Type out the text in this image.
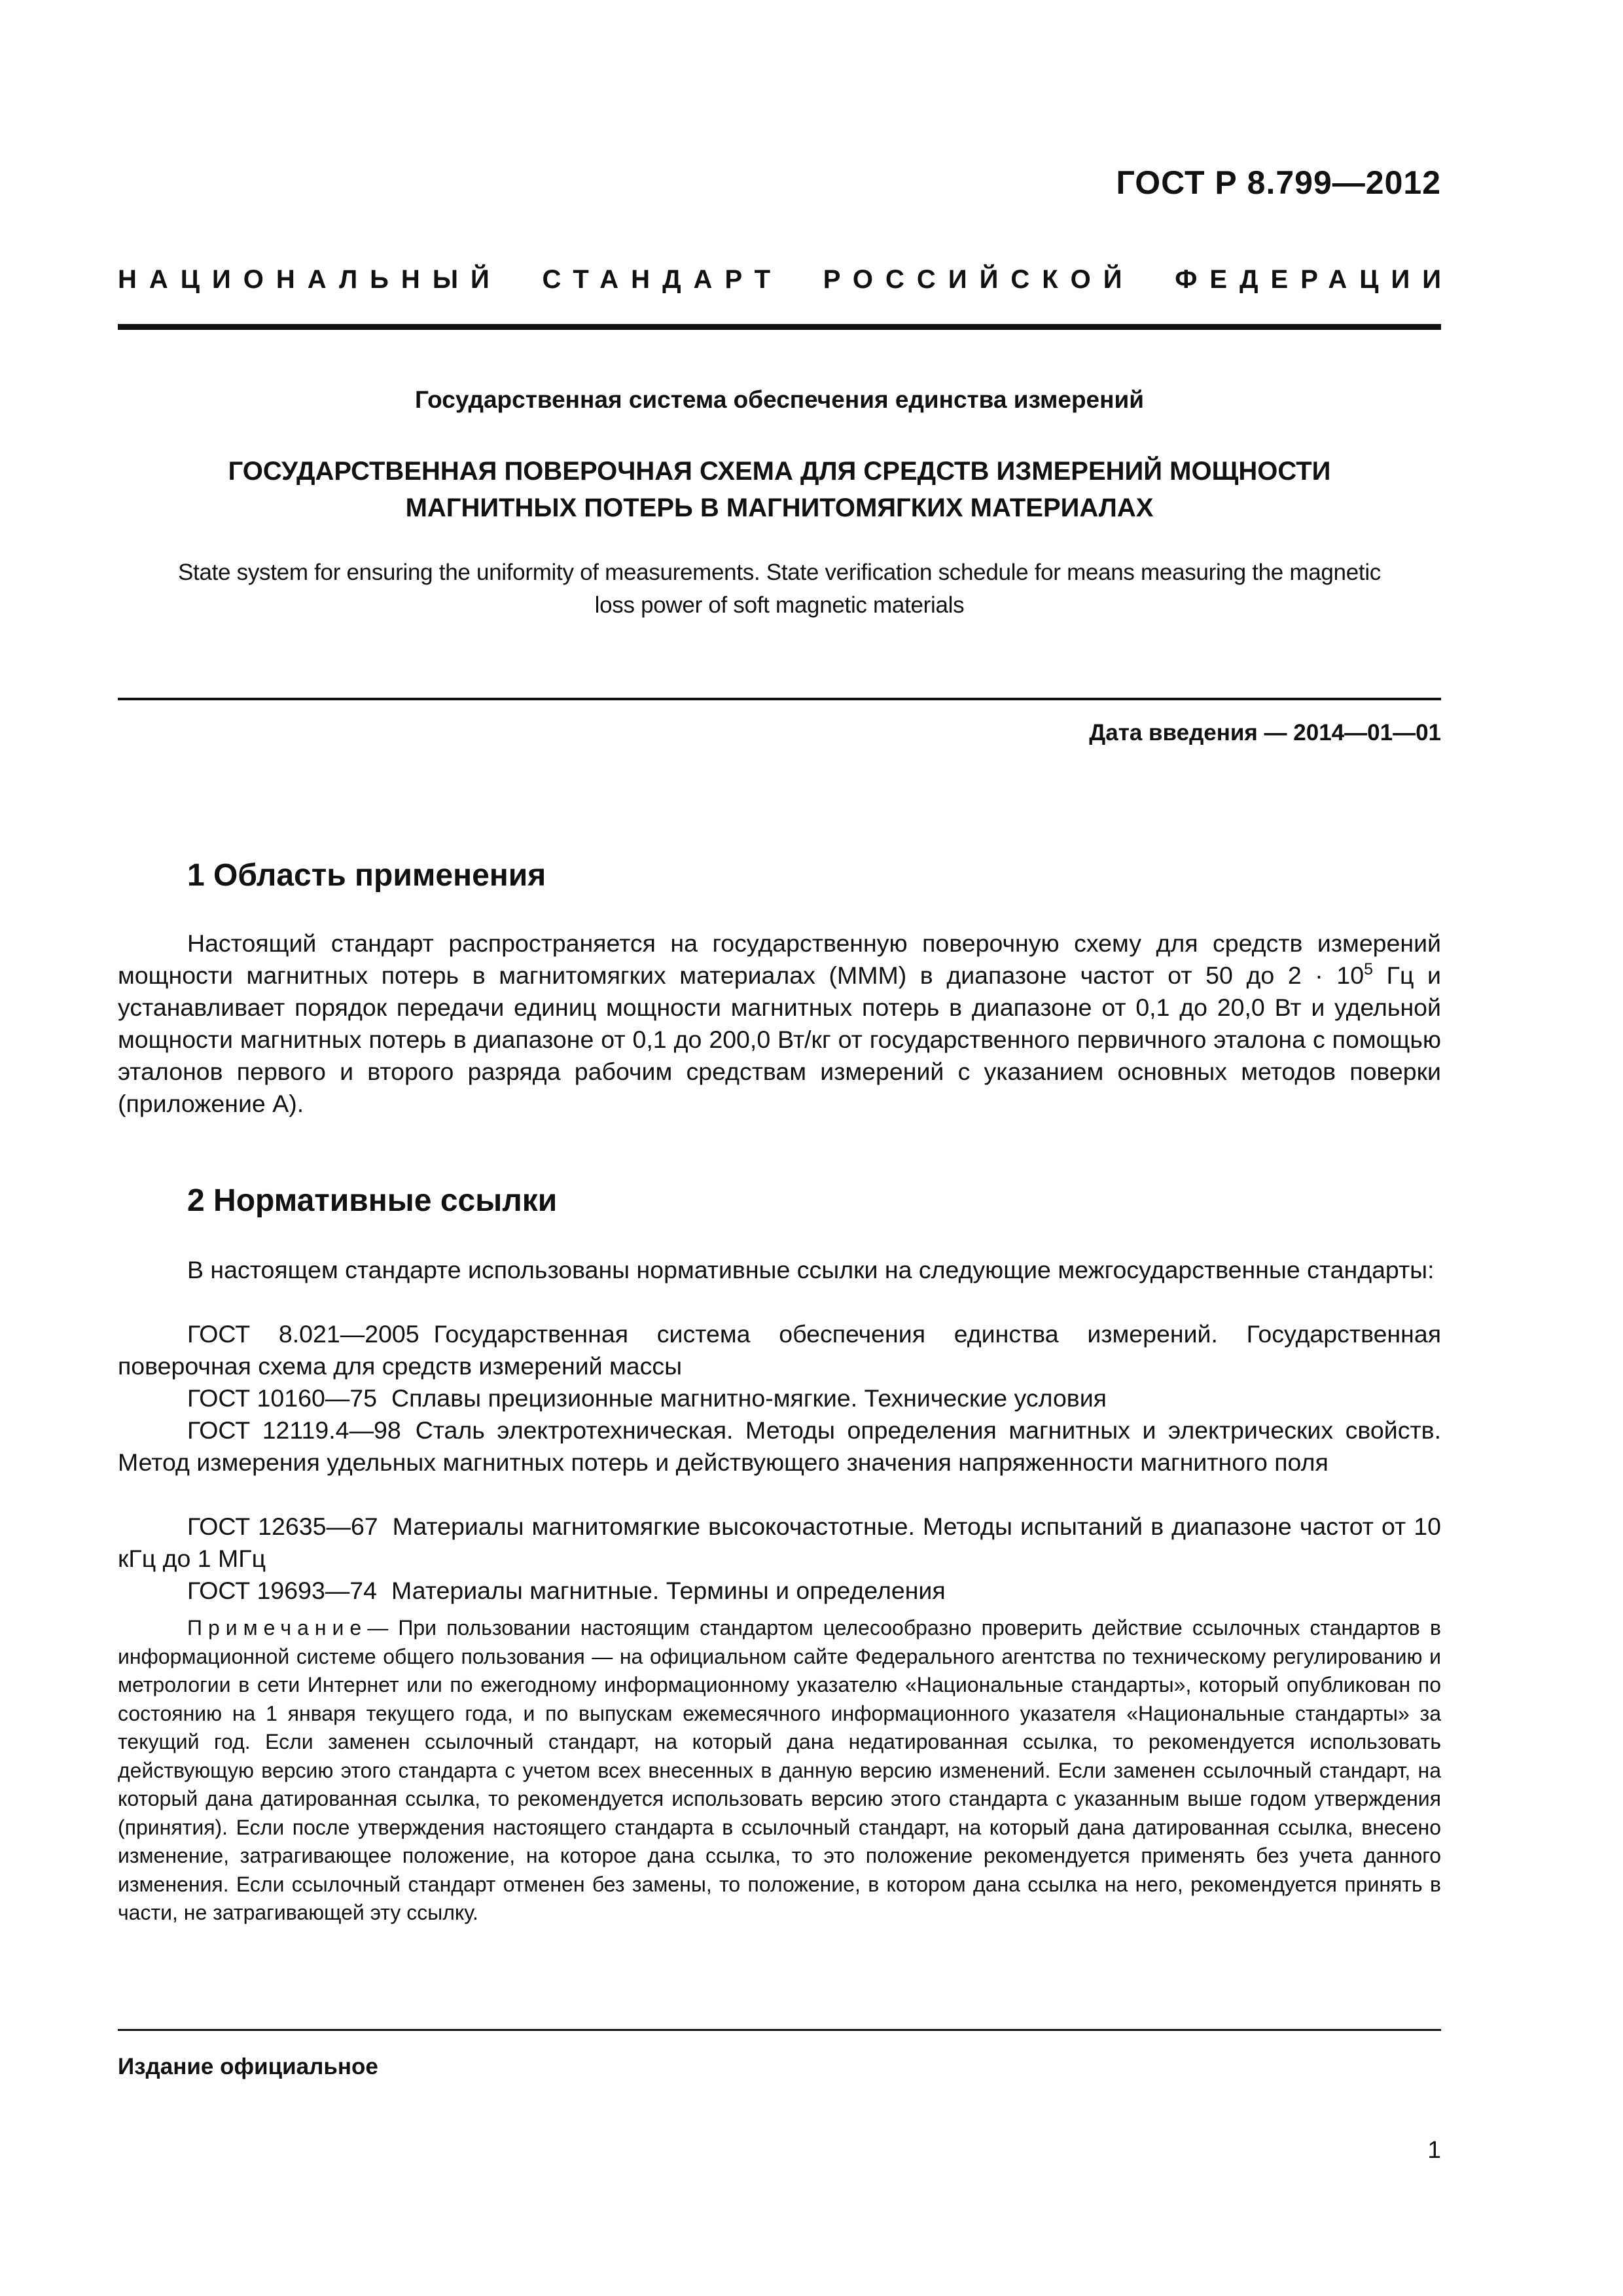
ГОСТ Р 8.799—2012
НАЦИОНАЛЬНЫЙ СТАНДАРТ РОССИЙСКОЙ ФЕДЕРАЦИИ
Государственная система обеспечения единства измерений
ГОСУДАРСТВЕННАЯ ПОВЕРОЧНАЯ СХЕМА ДЛЯ СРЕДСТВ ИЗМЕРЕНИЙ МОЩНОСТИ
МАГНИТНЫХ ПОТЕРЬ В МАГНИТОМЯГКИХ МАТЕРИАЛАХ
State system for ensuring the uniformity of measurements. State verification schedule for means measuring the magnetic
loss power of soft magnetic materials
Дата введения — 2014—01—01
1 Область применения

Настоящий стандарт распространяется на государственную поверочную схему для средств измерений мощности магнитных потерь в магнитомягких материалах (МММ) в диапазоне частот от 50 до $2 \cdot 10^5$ Гц и устанавливает порядок передачи единиц мощности магнитных потерь в диапазоне от 0,1 до 20,0 Вт и удельной мощности магнитных потерь в диапазоне от 0,1 до 200,0 Вт/кг от государственного первичного эталона с помощью эталонов первого и второго разряда рабочим средствам измерений с указанием основных методов поверки (приложение А).

2 Нормативные ссылки

В настоящем стандарте использованы нормативные ссылки на следующие межгосударственные стандарты:

ГОСТ 8.021—2005 Государственная система обеспечения единства измерений. Государственная поверочная схема для средств измерений массы

ГОСТ 10160—75 Сплавы прецизионные магнитно-мягкие. Технические условия

ГОСТ 12119.4—98 Сталь электротехническая. Методы определения магнитных и электрических свойств. Метод измерения удельных магнитных потерь и действующего значения напряженности магнитного поля

ГОСТ 12635—67 Материалы магнитомягкие высокочастотные. Методы испытаний в диапазоне частот от 10 кГц до 1 МГц

ГОСТ 19693—74 Материалы магнитные. Термины и определения

Примечание— При пользовании настоящим стандартом целесообразно проверить действие ссылочных стандартов в информационной системе общего пользования — на официальном сайте Федерального агентства по техническому регулированию и метрологии в сети Интернет или по ежегодному информационному указателю «Национальные стандарты», который опубликован по состоянию на 1 января текущего года, и по выпускам ежемесячного информационного указателя «Национальные стандарты» за текущий год. Если заменен ссылочный стандарт, на который дана недатированная ссылка, то рекомендуется использовать действующую версию этого стандарта с учетом всех внесенных в данную версию изменений. Если заменен ссылочный стандарт, на который дана датированная ссылка, то рекомендуется использовать версию этого стандарта с указанным выше годом утверждения (принятия). Если после утверждения настоящего стандарта в ссылочный стандарт, на который дана датированная ссылка, внесено изменение, затрагивающее положение, на которое дана ссылка, то это положение рекомендуется применять без учета данного изменения. Если ссылочный стандарт отменен без замены, то положение, в котором дана ссылка на него, рекомендуется принять в части, не затрагивающей эту ссылку.

Издание официальное
1
